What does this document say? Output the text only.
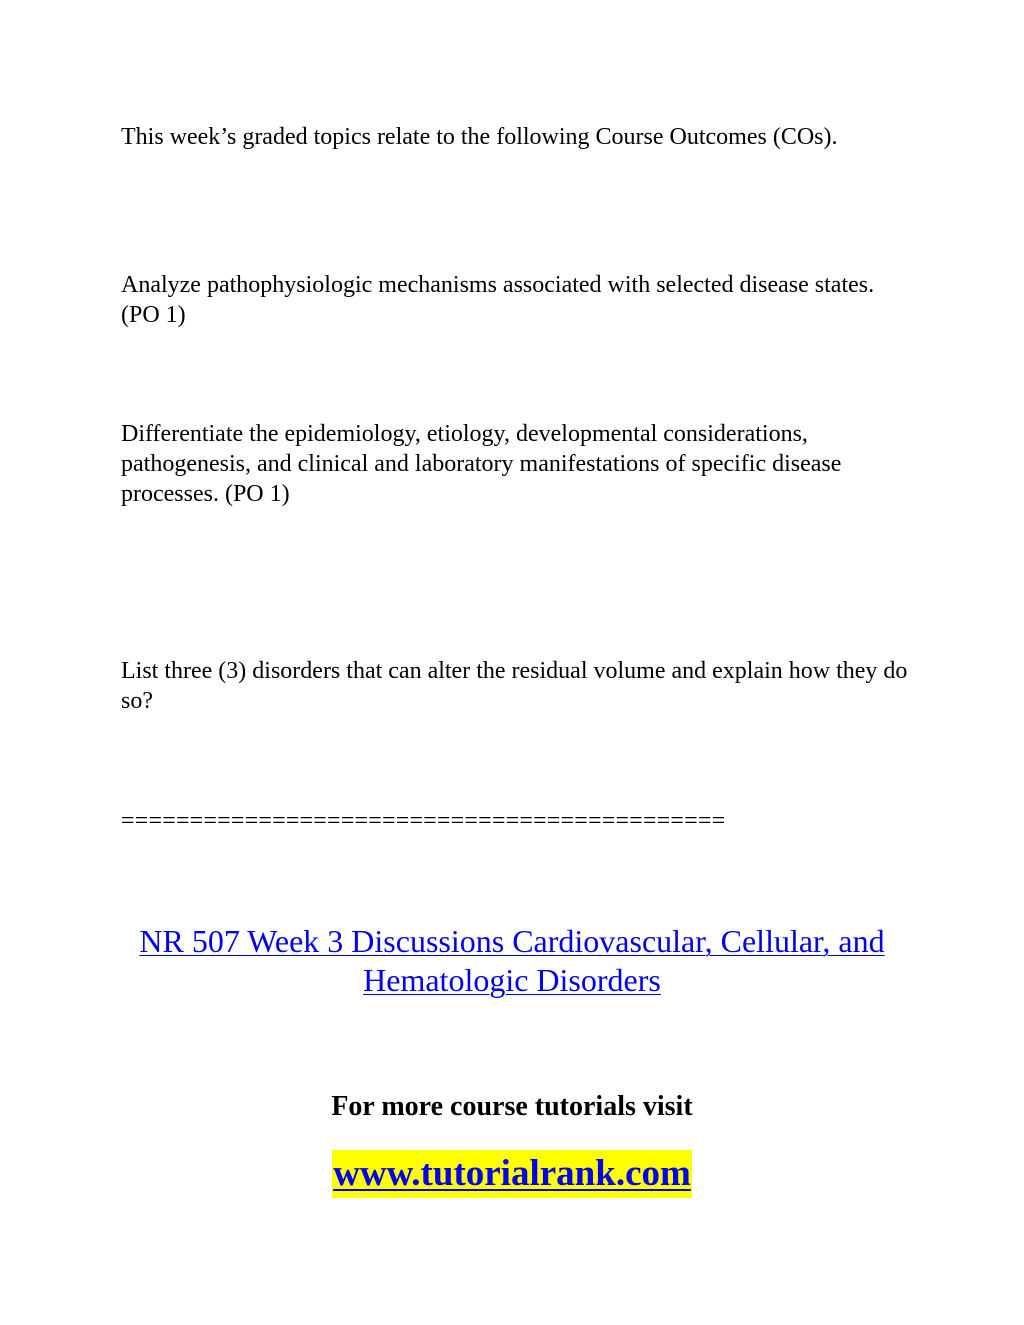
This week’s graded topics relate to the following Course Outcomes (COs).

Analyze pathophysiologic mechanisms associated with selected disease states. (PO 1)

Differentiate the epidemiology, etiology, developmental considerations, pathogenesis, and clinical and laboratory manifestations of specific disease processes. (PO 1)

List three (3) disorders that can alter the residual volume and explain how they do so?

============================================

NR 507 Week 3 Discussions Cardiovascular, Cellular, and Hematologic Disorders

For more course tutorials visit

www.tutorialrank.com
